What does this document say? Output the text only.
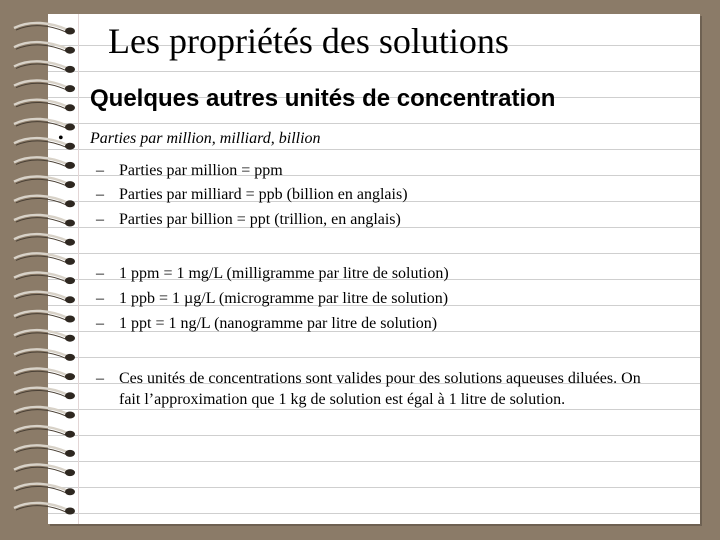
Les propriétés des solutions
Quelques autres unités de concentration
• Parties par million, milliard, billion
– Parties par million = ppm
– Parties par milliard = ppb (billion en anglais)
– Parties par billion = ppt (trillion, en anglais)
– 1 ppm = 1 mg/L (milligramme par litre de solution)
– 1 ppb = 1 µg/L (microgramme par litre de solution)
– 1 ppt = 1 ng/L (nanogramme par litre de solution)
– Ces unités de concentrations sont valides pour des solutions aqueuses diluées. On fait l’approximation que 1 kg de solution est égal à 1 litre de solution.
